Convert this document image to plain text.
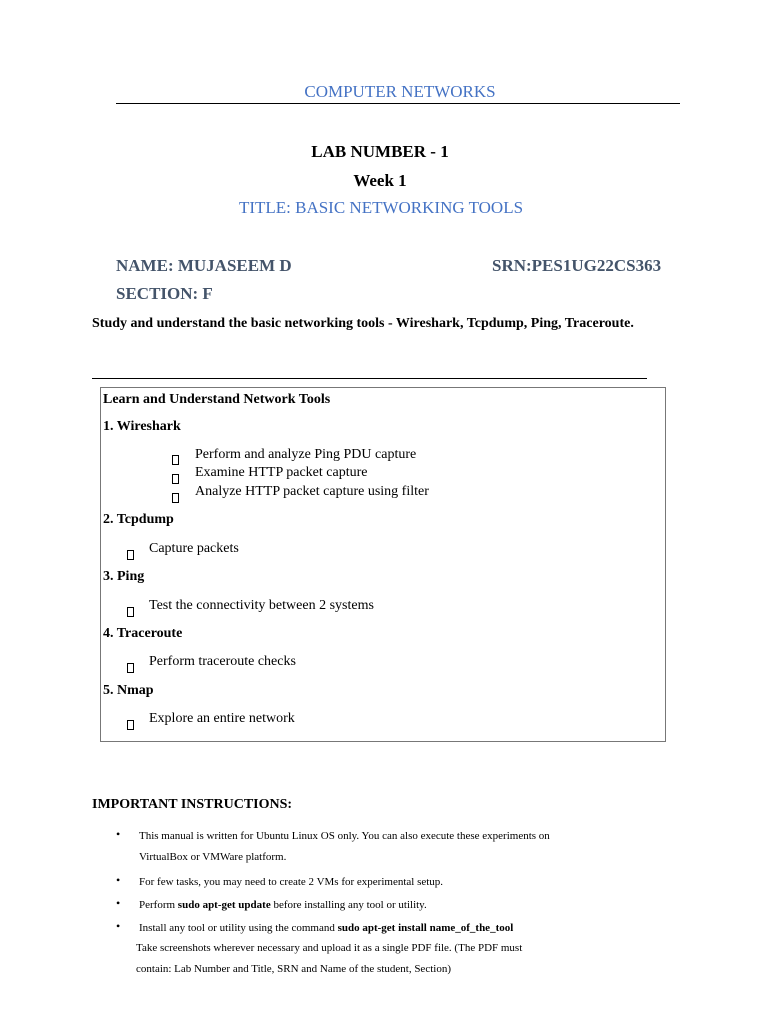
COMPUTER NETWORKS
LAB NUMBER - 1
Week 1
TITLE: BASIC NETWORKING TOOLS
NAME: MUJASEEM D	SRN:PES1UG22CS363
SECTION: F
Study and understand the basic networking tools - Wireshark, Tcpdump, Ping, Traceroute.
Learn and Understand Network Tools
1. Wireshark
Perform and analyze Ping PDU capture
Examine HTTP packet capture
Analyze HTTP packet capture using filter
2. Tcpdump
Capture packets
3. Ping
Test the connectivity between 2 systems
4. Traceroute
Perform traceroute checks
5. Nmap
Explore an entire network
IMPORTANT INSTRUCTIONS:
• This manual is written for Ubuntu Linux OS only. You can also execute these experiments on
VirtualBox or VMWare platform.
• For few tasks, you may need to create 2 VMs for experimental setup.
• Perform sudo apt-get update before installing any tool or utility.
• Install any tool or utility using the command sudo apt-get install name_of_the_tool
Take screenshots wherever necessary and upload it as a single PDF file. (The PDF must
contain: Lab Number and Title, SRN and Name of the student, Section)
